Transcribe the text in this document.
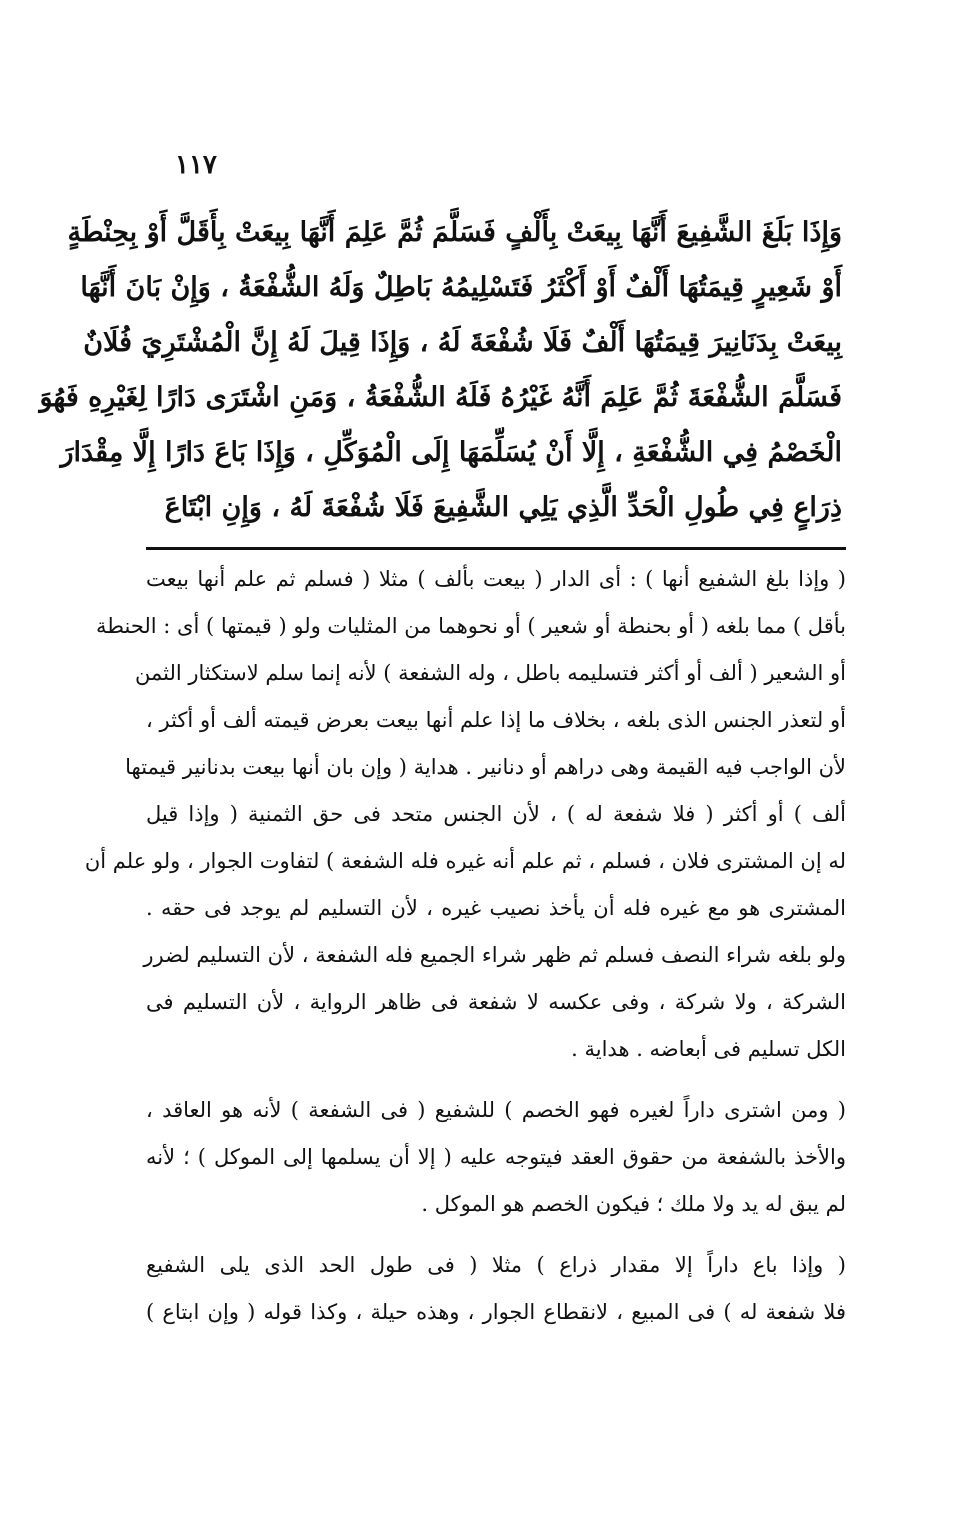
١١٧
وَإِذَا بَلَغَ الشَّفِيعَ أَنَّهَا بِيعَتْ بِأَلْفٍ فَسَلَّمَ ثُمَّ عَلِمَ أَنَّهَا بِيعَتْ بِأَقَلَّ أَوْ بِحِنْطَةٍ
أَوْ شَعِيرٍ قِيمَتُهَا أَلْفٌ أَوْ أَكْثَرُ فَتَسْلِيمُهُ بَاطِلٌ وَلَهُ الشُّفْعَةُ ، وَإِنْ بَانَ أَنَّهَا
بِيعَتْ بِدَنَانِيرَ قِيمَتُهَا أَلْفٌ فَلَا شُفْعَةَ لَهُ ، وَإِذَا قِيلَ لَهُ إِنَّ الْمُشْتَرِيَ فُلَانٌ
فَسَلَّمَ الشُّفْعَةَ ثُمَّ عَلِمَ أَنَّهُ غَيْرُهُ فَلَهُ الشُّفْعَةُ ، وَمَنِ اشْتَرَى دَارًا لِغَيْرِهِ فَهُوَ
الْخَصْمُ فِي الشُّفْعَةِ ، إِلَّا أَنْ يُسَلِّمَهَا إِلَى الْمُوَكِّلِ ، وَإِذَا بَاعَ دَارًا إِلَّا مِقْدَارَ
ذِرَاعٍ فِي طُولِ الْحَدِّ الَّذِي يَلِي الشَّفِيعَ فَلَا شُفْعَةَ لَهُ ، وَإِنِ ابْتَاعَ
( وإذا بلغ الشفيع أنها ) : أى الدار ( بيعت بألف ) مثلا ( فسلم ثم علم أنها بيعت
بأقل ) مما بلغه ( أو بحنطة أو شعير ) أو نحوهما من المثليات ولو ( قيمتها ) أى : الحنطة
أو الشعير ( ألف أو أكثر فتسليمه باطل ، وله الشفعة ) لأنه إنما سلم لاستكثار الثمن
أو لتعذر الجنس الذى بلغه ، بخلاف ما إذا علم أنها بيعت بعرض قيمته ألف أو أكثر ،
لأن الواجب فيه القيمة وهى دراهم أو دنانير . هداية ( وإن بان أنها بيعت بدنانير قيمتها
ألف ) أو أكثر ( فلا شفعة له ) ، لأن الجنس متحد فى حق الثمنية ( وإذا قيل
له إن المشترى فلان ، فسلم ، ثم علم أنه غيره فله الشفعة ) لتفاوت الجوار ، ولو علم أن
المشترى هو مع غيره فله أن يأخذ نصيب غيره ، لأن التسليم لم يوجد فى حقه .
ولو بلغه شراء النصف فسلم ثم ظهر شراء الجميع فله الشفعة ، لأن التسليم لضرر
الشركة ، ولا شركة ، وفى عكسه لا شفعة فى ظاهر الرواية ، لأن التسليم فى
الكل تسليم فى أبعاضه . هداية .
( ومن اشترى داراً لغيره فهو الخصم ) للشفيع ( فى الشفعة ) لأنه هو العاقد ،
والأخذ بالشفعة من حقوق العقد فيتوجه عليه ( إلا أن يسلمها إلى الموكل ) ؛ لأنه
لم يبق له يد ولا ملك ؛ فيكون الخصم هو الموكل .
( وإذا باع داراً إلا مقدار ذراع ) مثلا ( فى طول الحد الذى يلى الشفيع
فلا شفعة له ) فى المبيع ، لانقطاع الجوار ، وهذه حيلة ، وكذا قوله ( وإن ابتاع )
